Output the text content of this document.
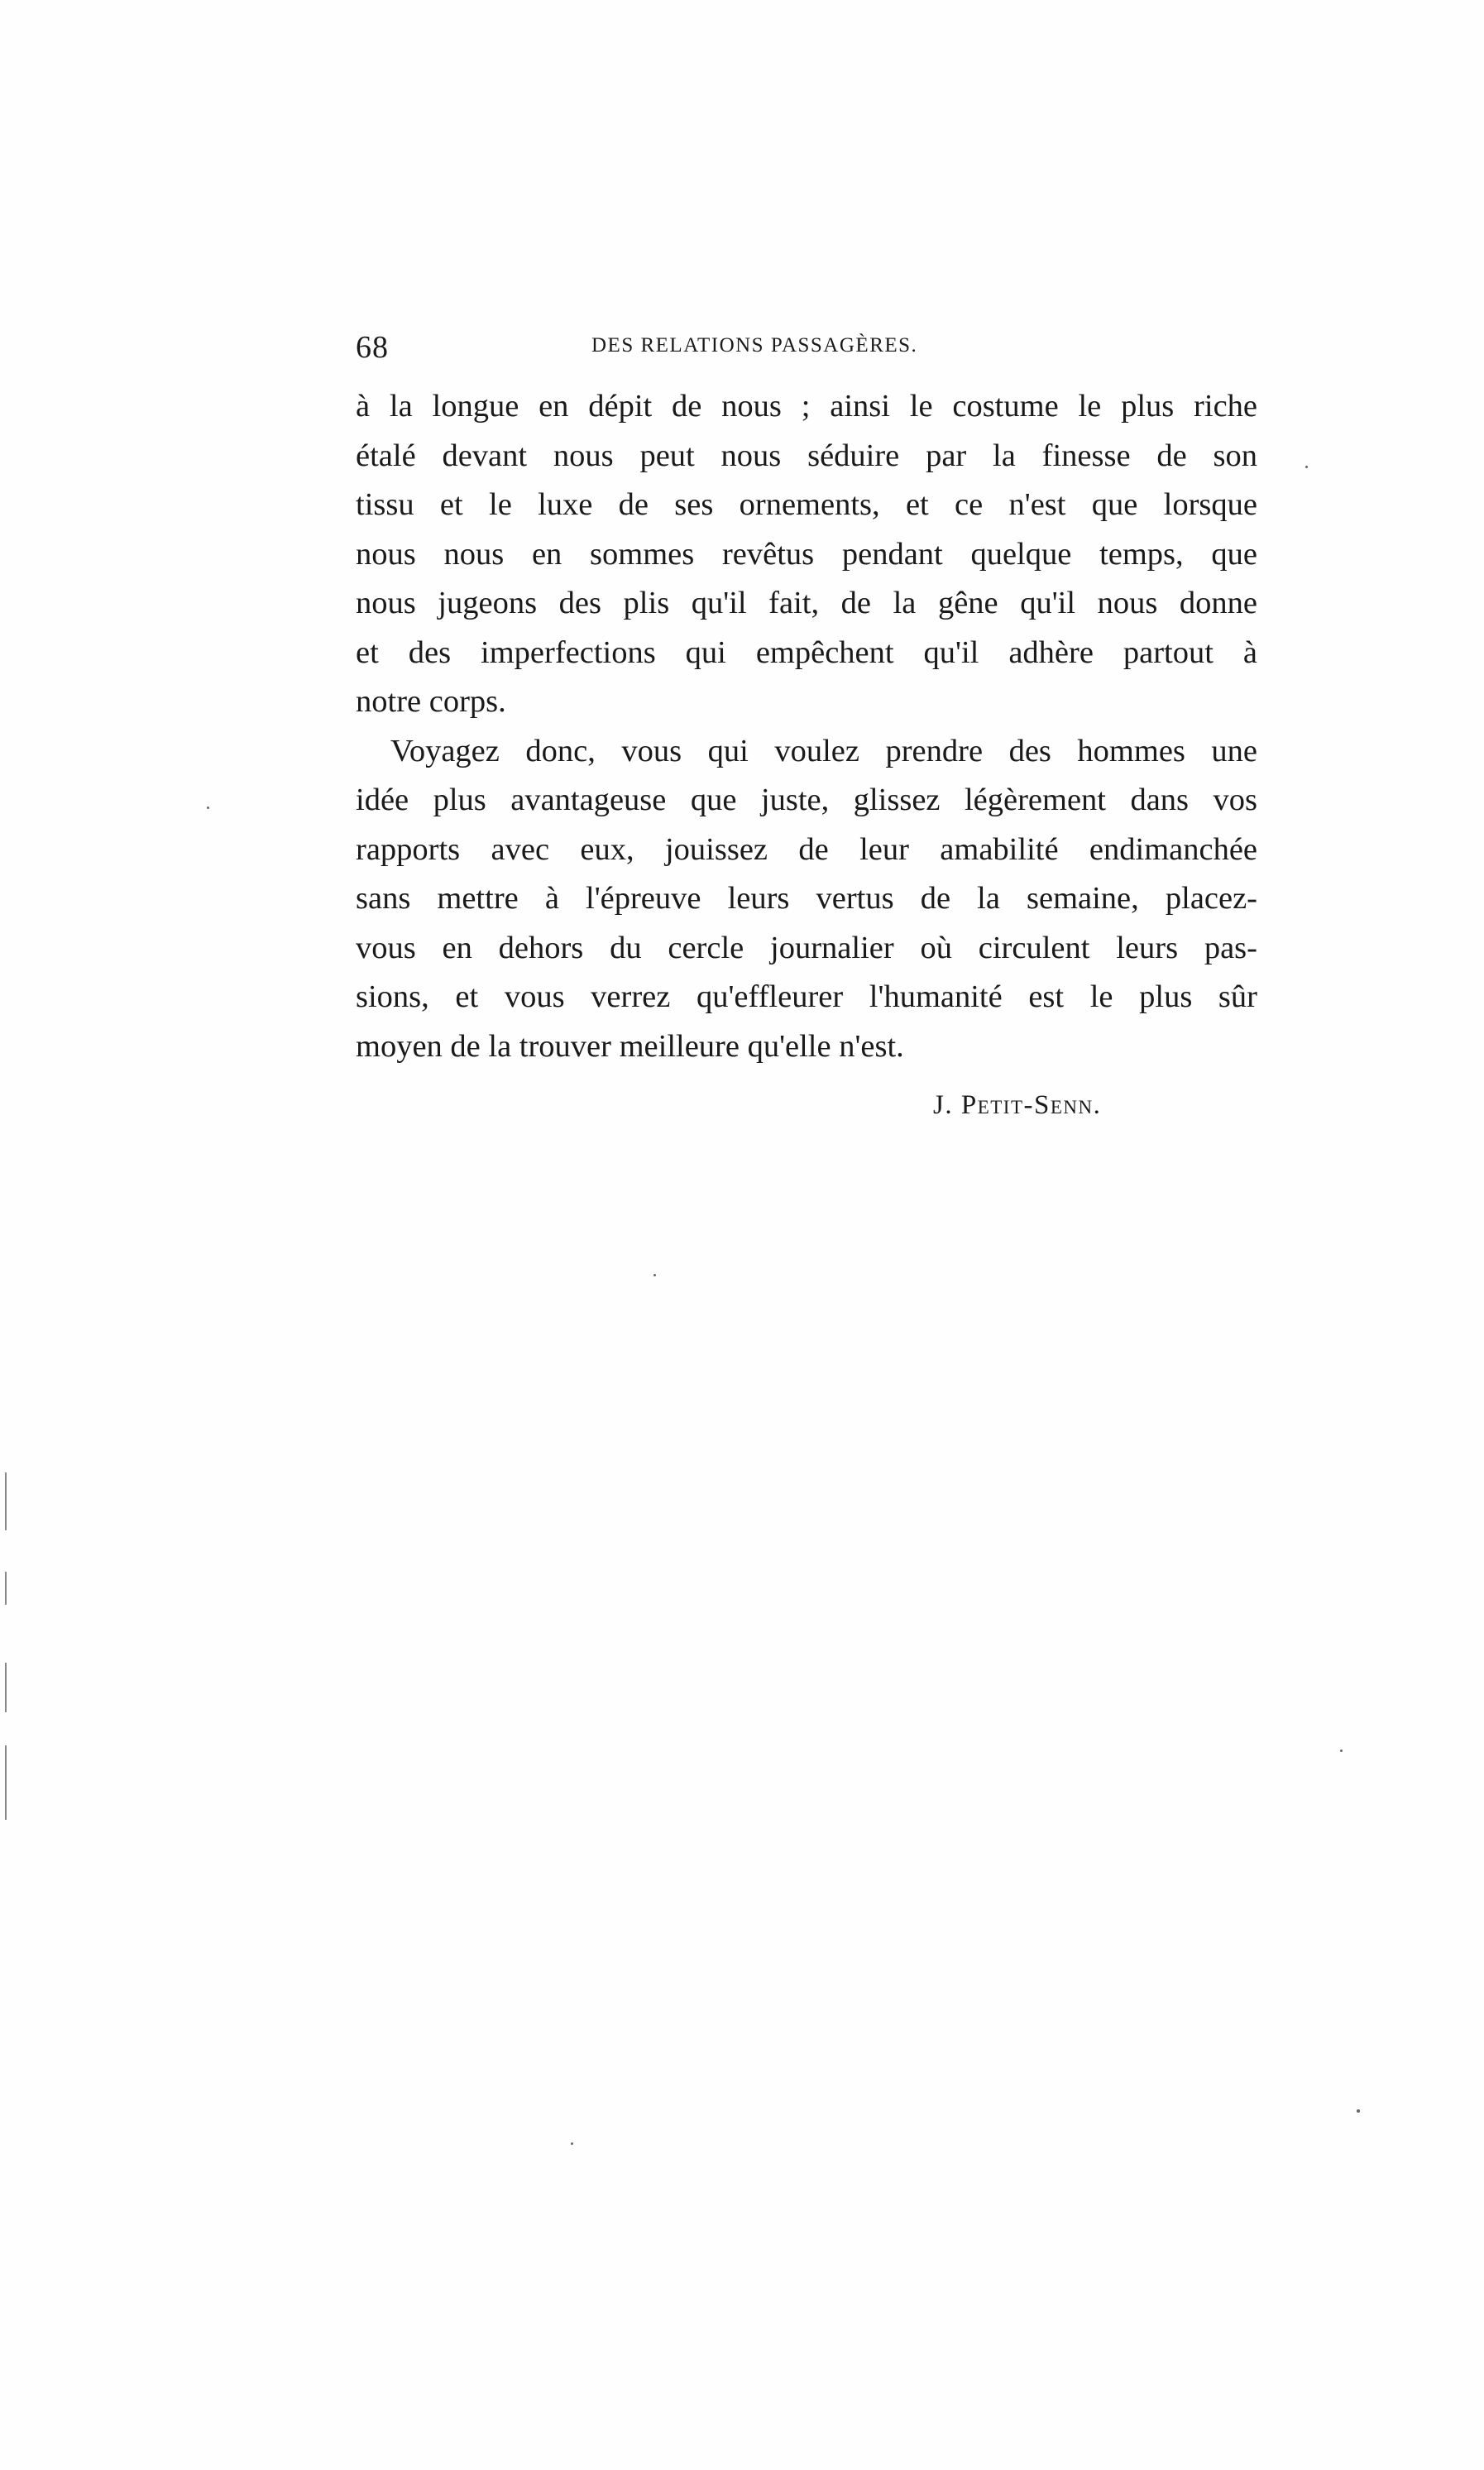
68	DES RELATIONS PASSAGÈRES.
à la longue en dépit de nous ; ainsi le costume le plus riche
étalé devant nous peut nous séduire par la finesse de son
tissu et le luxe de ses ornements, et ce n'est que lorsque
nous nous en sommes revêtus pendant quelque temps, que
nous jugeons des plis qu'il fait, de la gêne qu'il nous donne
et des imperfections qui empêchent qu'il adhère partout à
notre corps.
Voyagez donc, vous qui voulez prendre des hommes une
idée plus avantageuse que juste, glissez légèrement dans vos
rapports avec eux, jouissez de leur amabilité endimanchée
sans mettre à l'épreuve leurs vertus de la semaine, placez-
vous en dehors du cercle journalier où circulent leurs pas-
sions, et vous verrez qu'effleurer l'humanité est le plus sûr
moyen de la trouver meilleure qu'elle n'est.
J. Petit-Senn.
